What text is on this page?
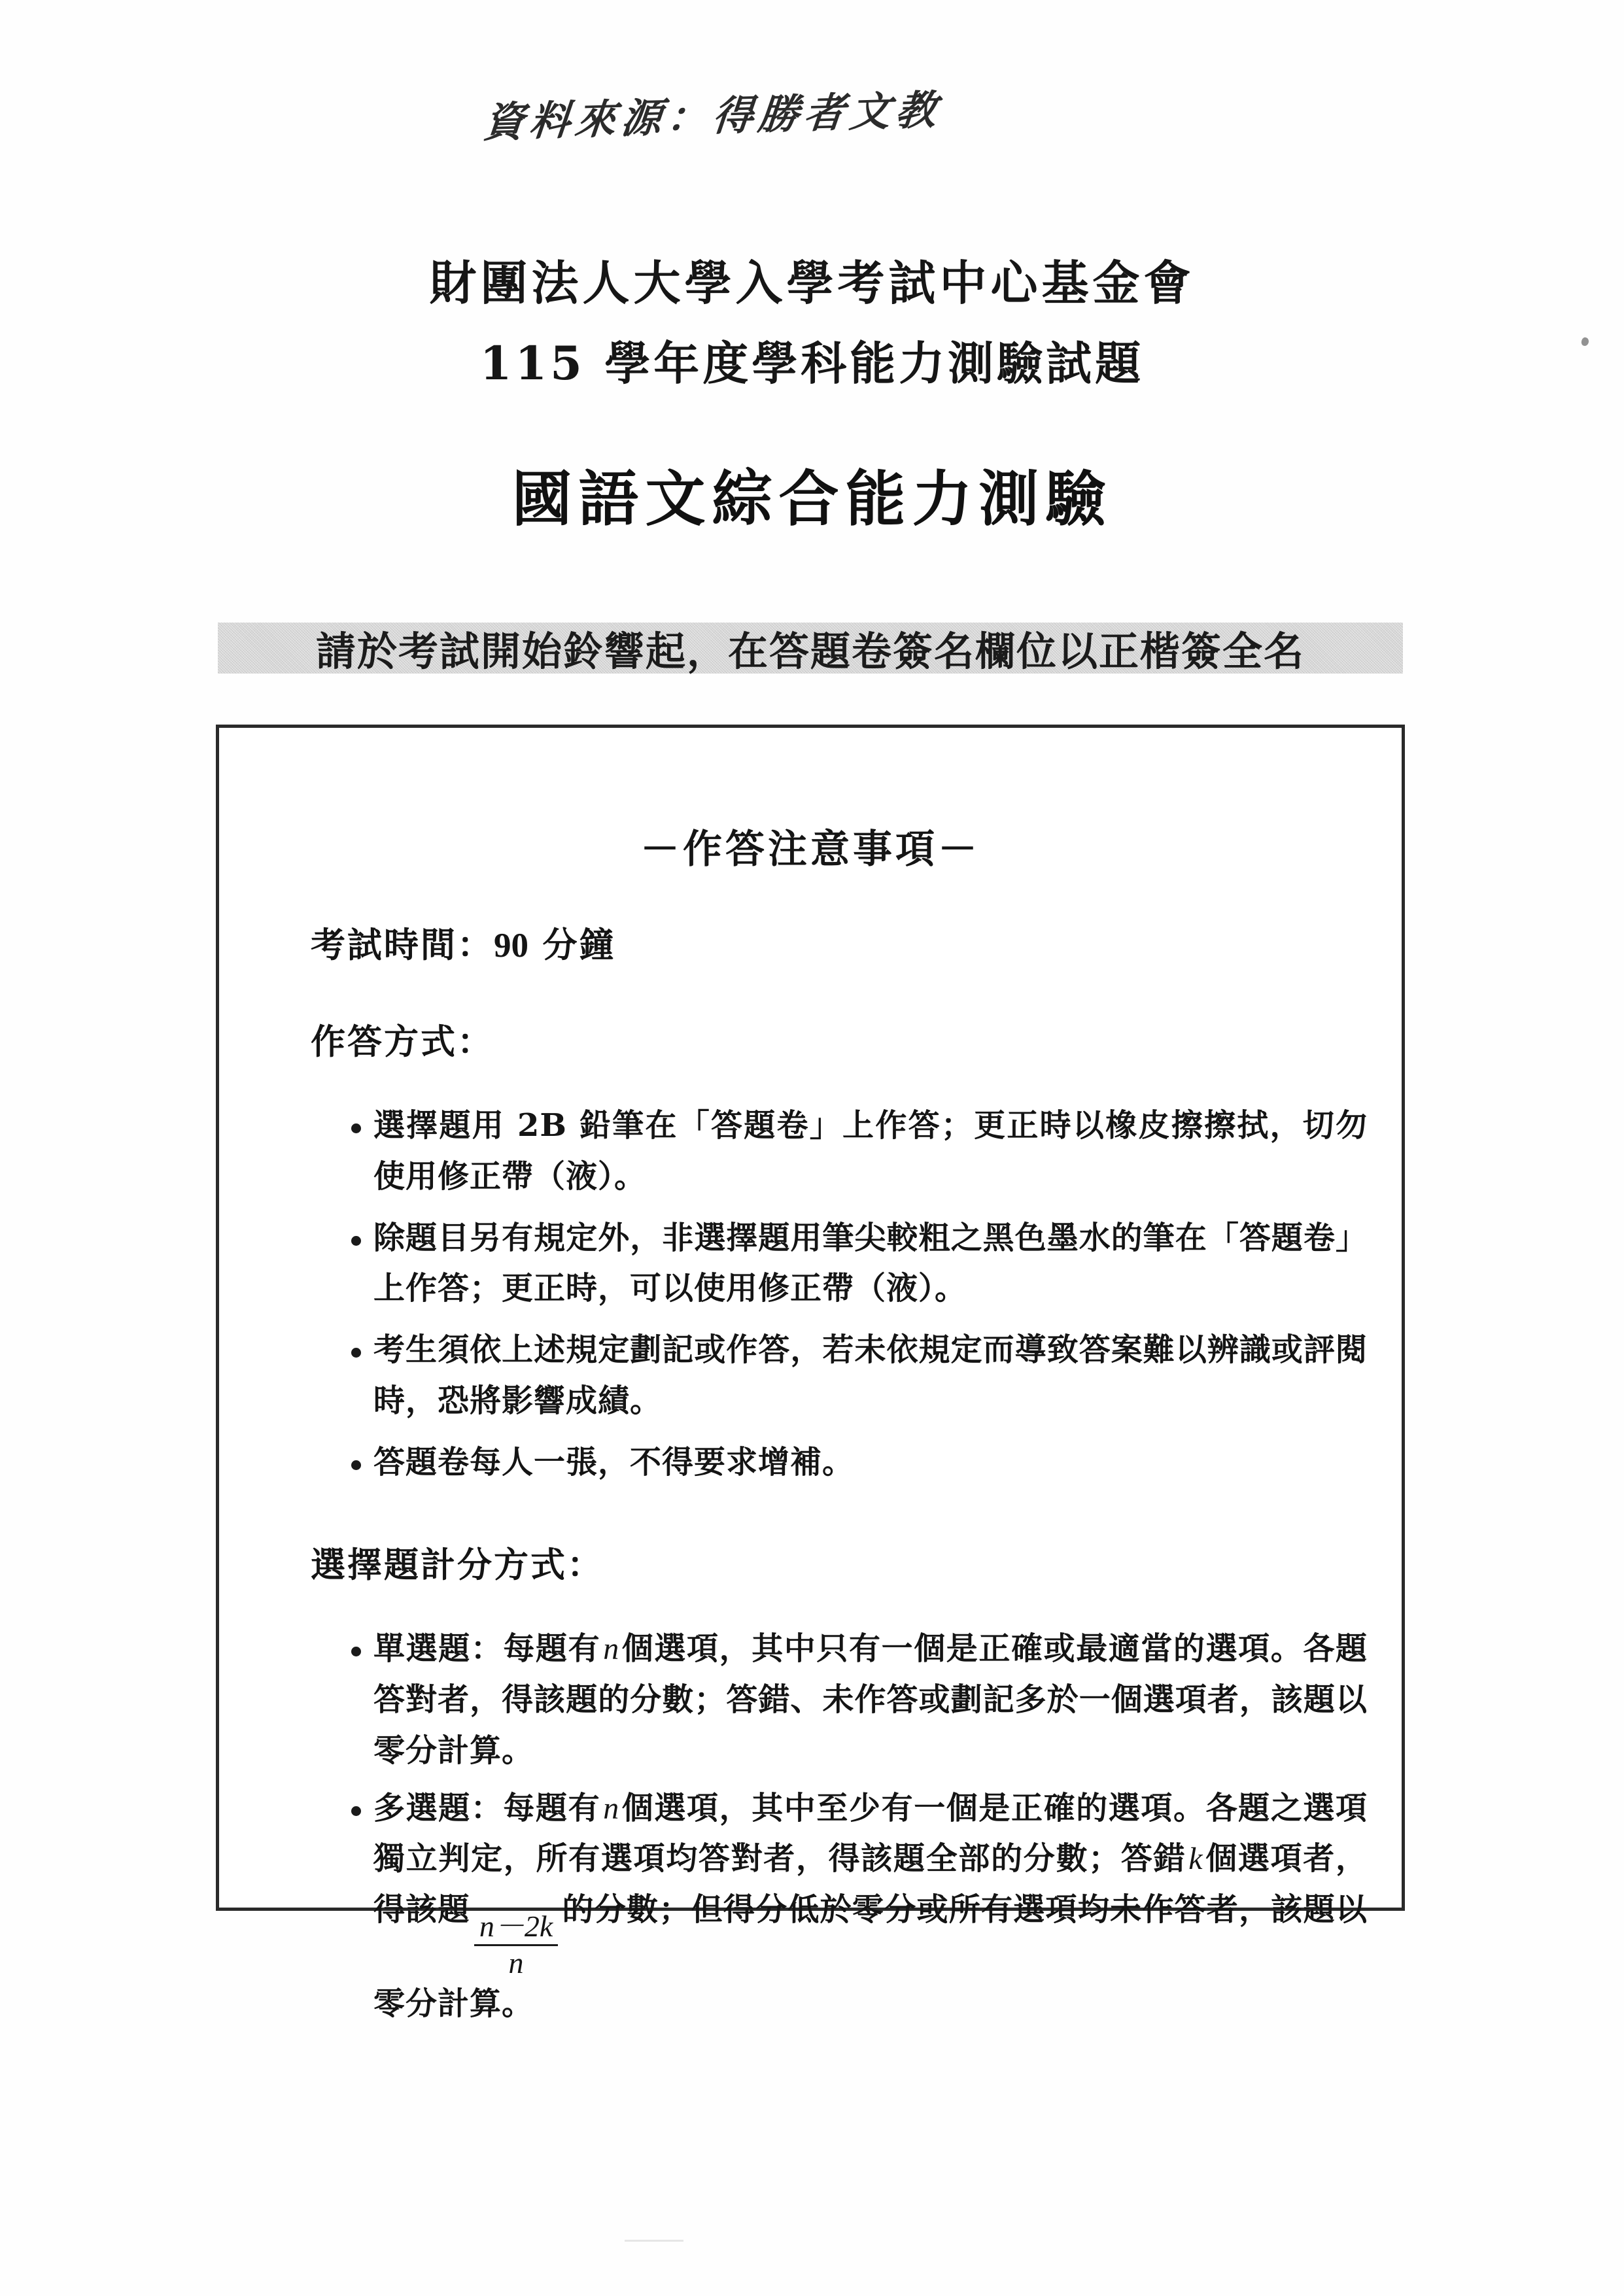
資料來源：得勝者文教
財團法人大學入學考試中心基金會
115 學年度學科能力測驗試題
國語文綜合能力測驗
請於考試開始鈴響起，在答題卷簽名欄位以正楷簽全名
－作答注意事項－
考試時間：90 分鐘
作答方式：
選擇題用 2B 鉛筆在「答題卷」上作答；更正時以橡皮擦擦拭，切勿使用修正帶（液）。
除題目另有規定外，非選擇題用筆尖較粗之黑色墨水的筆在「答題卷」上作答；更正時，可以使用修正帶（液）。
考生須依上述規定劃記或作答，若未依規定而導致答案難以辨識或評閱時，恐將影響成績。
答題卷每人一張，不得要求增補。
選擇題計分方式：
單選題：每題有n個選項，其中只有一個是正確或最適當的選項。各題答對者，得該題的分數；答錯、未作答或劃記多於一個選項者，該題以零分計算。
多選題：每題有n個選項，其中至少有一個是正確的選項。各題之選項獨立判定，所有選項均答對者，得該題全部的分數；答錯k個選項者，得該題
$\frac{n-2k}{n}$
的分數；但得分低於零分或所有選項均未作答者，該題以零分計算。
